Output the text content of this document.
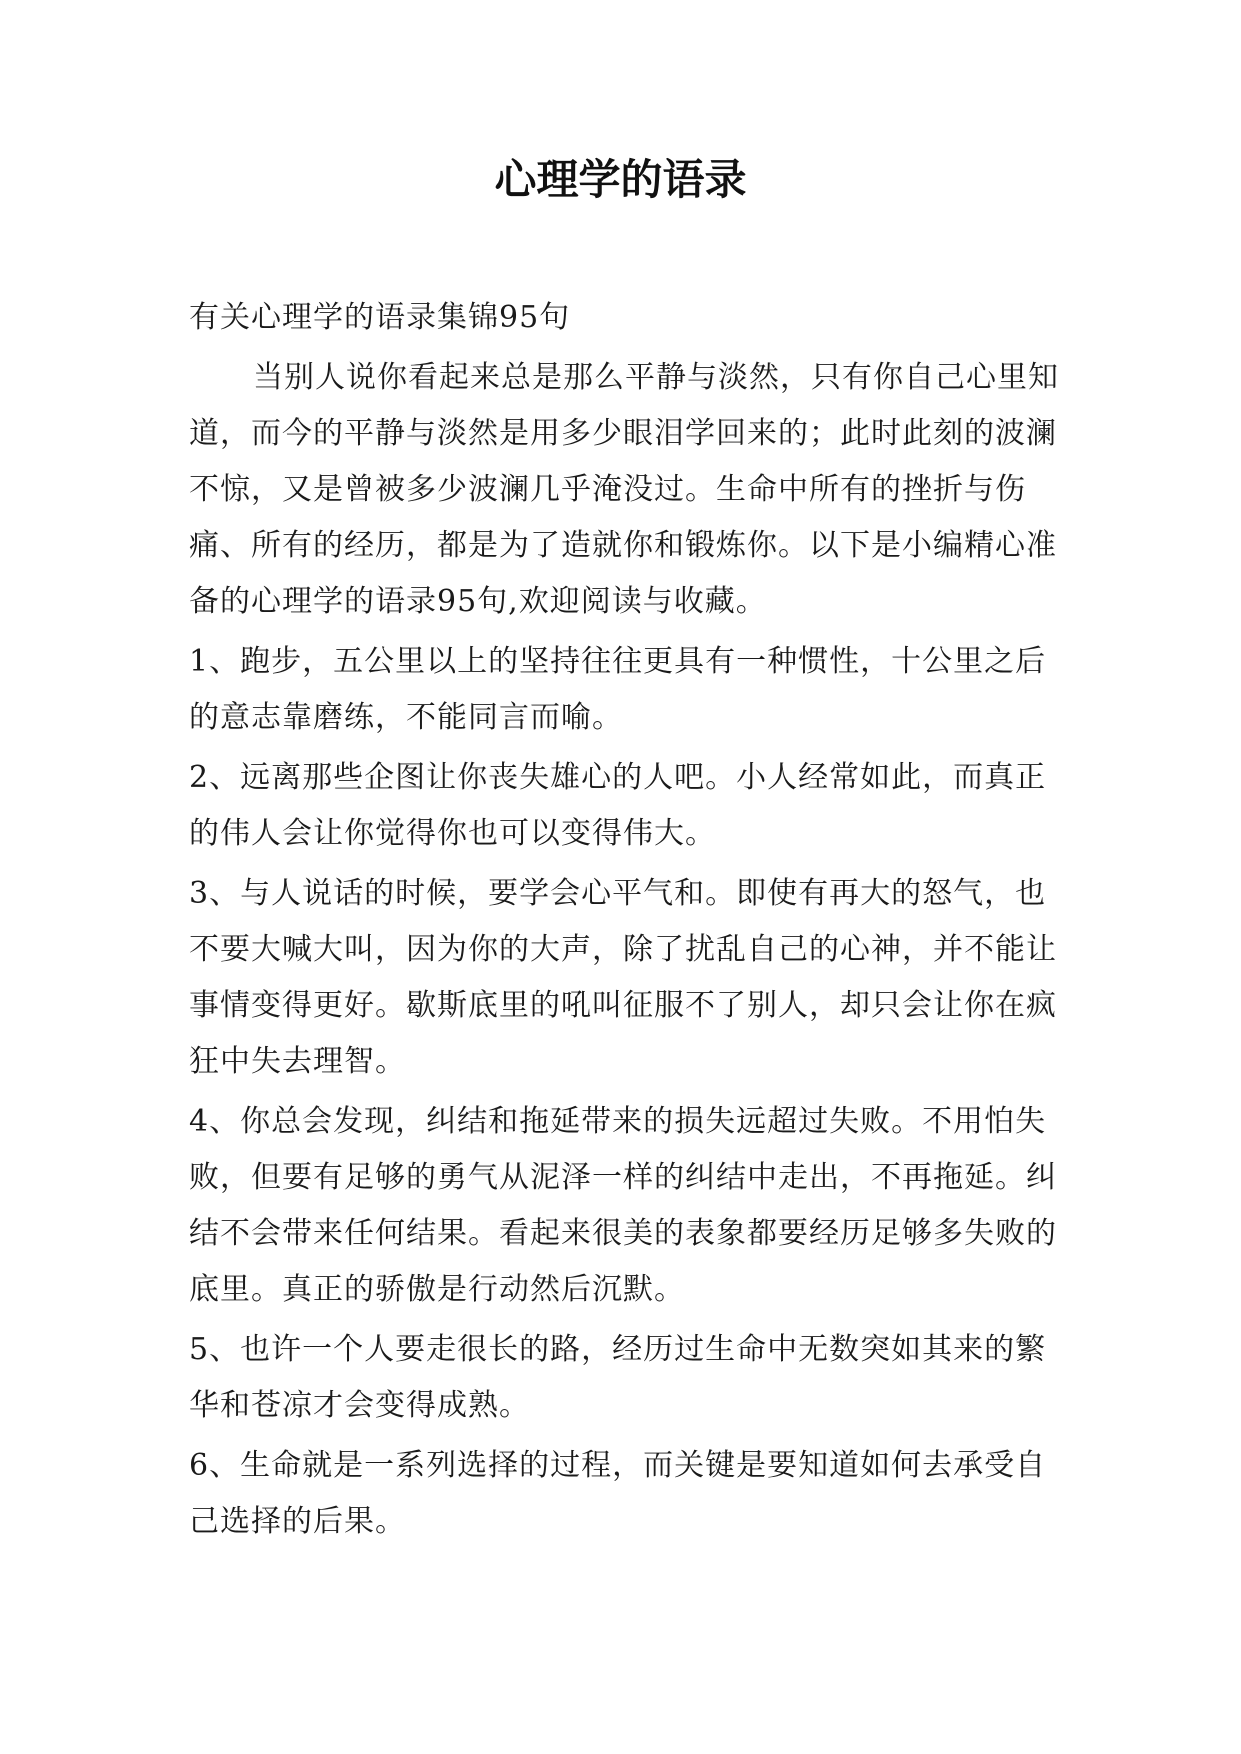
心理学的语录

有关心理学的语录集锦95句

当别人说你看起来总是那么平静与淡然，只有你自己心里知道，而今的平静与淡然是用多少眼泪学回来的；此时此刻的波澜不惊，又是曾被多少波澜几乎淹没过。生命中所有的挫折与伤痛、所有的经历，都是为了造就你和锻炼你。以下是小编精心准备的心理学的语录95句,欢迎阅读与收藏。

1、跑步，五公里以上的坚持往往更具有一种惯性，十公里之后的意志靠磨练，不能同言而喻。

2、远离那些企图让你丧失雄心的人吧。小人经常如此，而真正的伟人会让你觉得你也可以变得伟大。

3、与人说话的时候，要学会心平气和。即使有再大的怒气，也不要大喊大叫，因为你的大声，除了扰乱自己的心神，并不能让事情变得更好。歇斯底里的吼叫征服不了别人，却只会让你在疯狂中失去理智。

4、你总会发现，纠结和拖延带来的损失远超过失败。不用怕失败，但要有足够的勇气从泥泽一样的纠结中走出，不再拖延。纠结不会带来任何结果。看起来很美的表象都要经历足够多失败的底里。真正的骄傲是行动然后沉默。

5、也许一个人要走很长的路，经历过生命中无数突如其来的繁华和苍凉才会变得成熟。

6、生命就是一系列选择的过程，而关键是要知道如何去承受自己选择的后果。
